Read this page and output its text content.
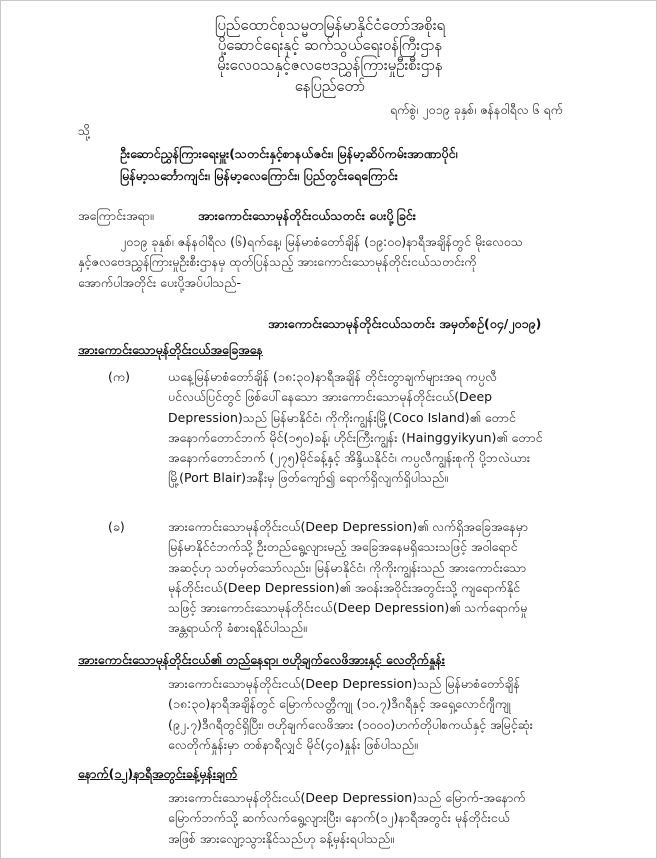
ပြည်ထောင်စုသမ္မတမြန်မာနိုင်ငံတော်အစိုးရ
ပို့ဆောင်ရေးနှင့် ဆက်သွယ်ရေးဝန်ကြီးဌာန
မိုးလေဝသနှင့်ဇလဗေဒညွှန်ကြားမှုဦးစီးဌာန
နေပြည်တော်
ရက်စွဲ၊ ၂၀၁၉ ခုနှစ်၊ ဇန်နဝါရီလ ၆ ရက်
သို့
ဦးဆောင်ညွှန်ကြားရေးမှူး(သတင်းနှင့်စာနယ်ဇင်း၊ မြန်မာ့ဆိပ်ကမ်းအာဏာပိုင်၊
မြန်မာ့သင်္ဘောကျင်း၊ မြန်မာ့လေကြောင်း၊ ပြည်တွင်းရေကြောင်း
အကြောင်းအရာ။	အားကောင်းသောမုန်တိုင်းငယ်သတင်း ပေးပို့ခြင်း
၂၀၁၉ ခုနှစ်၊ ဇန်နဝါရီလ (၆)ရက်နေ့၊ မြန်မာစံတော်ချိန် (၁၉:၀၀)နာရီအချိန်တွင် မိုးလေဝသ
နှင့်ဇလဗေဒညွှန်ကြားမှုဦးစီးဌာနမှ ထုတ်ပြန်သည့် အားကောင်းသောမုန်တိုင်းငယ်သတင်းကို
အောက်ပါအတိုင်း ပေးပို့အပ်ပါသည်-
အားကောင်းသောမုန်တိုင်းငယ်သတင်း အမှတ်စဉ်(၀၄/၂၀၁၉)
အားကောင်းသောမုန်တိုင်းငယ်အခြေအနေ
(က)	ယနေ့မြန်မာစံတော်ချိန် (၁၈:၃၀)နာရီအချိန် တိုင်းတွာချက်များအရ ကပ္ပလီ
ပင်လယ်ပြင်တွင် ဖြစ်ပေါ်နေသော အားကောင်းသောမုန်တိုင်းငယ်(Deep
Depression)သည် မြန်မာနိုင်ငံ၊ ကိုကိုးကျွန်းမြို့(Coco Island)၏ တောင်
အနောက်တောင်ဘက် မိုင်(၁၅၀)ခန့်၊ ဟိုင်းကြီးကျွန်း (Hainggyikyun)၏ တောင်
အနောက်တောင်ဘက် (၂၇၅)မိုင်ခန့်နှင့် အိန္ဒိယနိုင်ငံ၊ ကပ္ပလီကျွန်းစုကို ပို့ဘလဲယား
မြို့(Port Blair)အနီးမှ ဖြတ်ကျော်၍ ရောက်ရှိလျက်ရှိပါသည်။
(ခ)	အားကောင်းသောမုန်တိုင်းငယ်(Deep Depression)၏ လက်ရှိအခြေအနေမှာ
မြန်မာနိုင်ငံဘက်သို့ ဦးတည်ရွေ့လျားမည့် အခြေအနေမရှိသေးသဖြင့် အဝါရောင်
အဆင့်ဟု သတ်မှတ်သော်လည်း၊ မြန်မာနိုင်ငံ၊ ကိုကိုးကျွန်းသည် အားကောင်းသော
မုန်တိုင်းငယ်(Deep Depression)၏ အဝန်းအဝိုင်းအတွင်းသို့ ကျရောက်နိုင်
သဖြင့် အားကောင်းသောမုန်တိုင်းငယ်(Deep Depression)၏ သက်ရောက်မှု
အန္တရာယ်ကို ခံစားရနိုင်ပါသည်။
အားကောင်းသောမုန်တိုင်းငယ်၏ တည်နေရာ၊ ဗဟိုချက်လေဖိအားနှင့် လေတိုက်နှုန်း
အားကောင်းသောမုန်တိုင်းငယ်(Deep Depression)သည် မြန်မာစံတော်ချိန်
(၁၈:၃၀)နာရီအချိန်တွင် မြောက်လတ္တီကျု (၁၀.၇)ဒီဂရီနှင့် အရှေ့လောင်ဂျီကျု
(၉၂.၇)ဒီဂရီတွင်ရှိပြီး၊ ဗဟိုချက်လေဖိအား (၁၀၀၀)ဟက်တိုပါစကယ်နှင့် အမြင့်ဆုံး
လေတိုက်နှုန်းမှာ တစ်နာရီလျှင် မိုင်(၄၀)နှုန်း ဖြစ်ပါသည်။
နောက်(၁၂)နာရီအတွင်းခန့်မှန်းချက်
အားကောင်းသောမုန်တိုင်းငယ်(Deep Depression)သည် မြောက်-အနောက်
မြောက်ဘက်သို့ ဆက်လက်ရွေ့လျားပြီး၊ နောက်(၁၂)နာရီအတွင်း မုန်တိုင်းငယ်
အဖြစ် အားလျော့သွားနိုင်သည်ဟု ခန့်မှန်းရပါသည်။
